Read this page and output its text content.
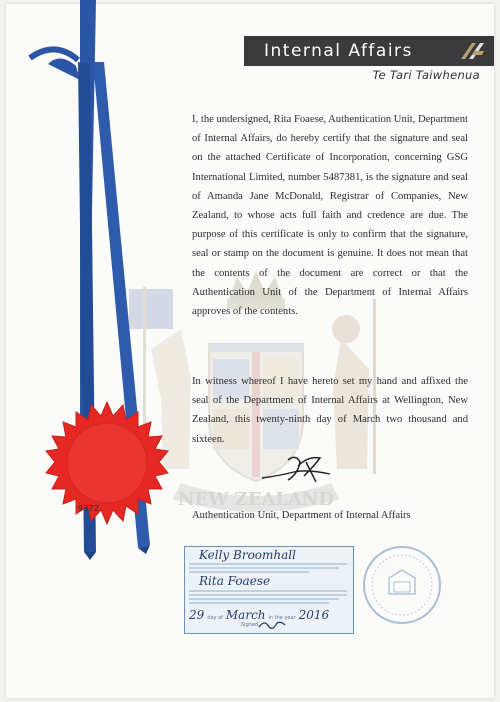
NEW ZEALAND
Internal Affairs
Te Tari Taiwhenua
I, the undersigned, Rita Foaese, Authentication Unit, Department of Internal Affairs, do hereby certify that the signature and seal on the attached Certificate of Incorporation, concerning GSG International Limited, number 5487381, is the signature and seal of Amanda Jane McDonald, Registrar of Companies, New Zealand, to whose acts full faith and credence are due. The purpose of this certificate is only to confirm that the signature, seal or stamp on the document is genuine. It does not mean that the contents of the document are correct or that the Authentication Unit of the Department of Internal Affairs approves of the contents.
In witness whereof I have hereto set my hand and affixed the seal of the Department of Internal Affairs at Wellington, New Zealand, this twenty-ninth day of March two thousand and sixteen.
Authentication Unit, Department of Internal Affairs
Kelly Broomhall
Rita Foaese
29 day of March in the year 2016
Signed
9372
